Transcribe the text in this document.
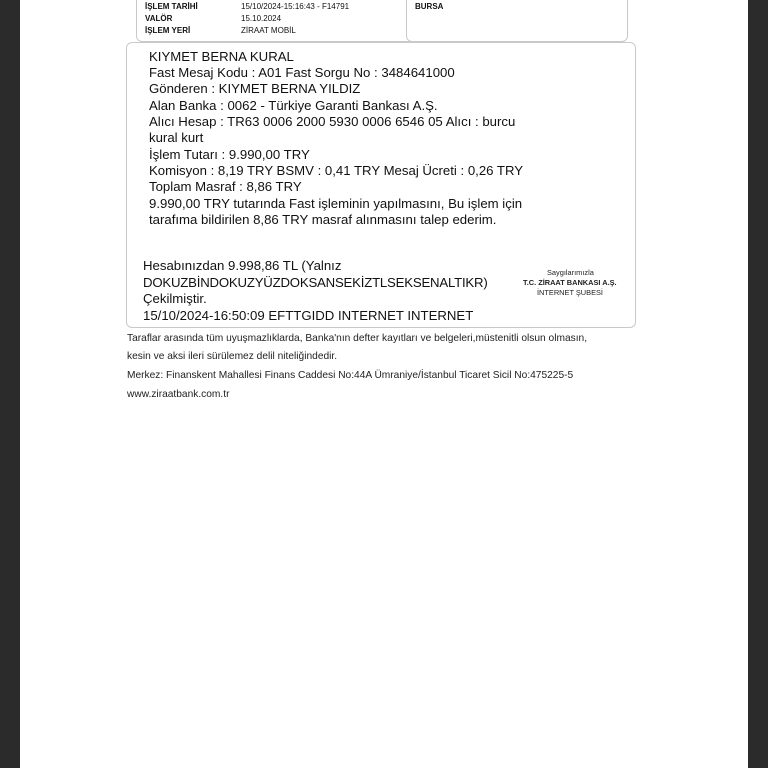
İŞLEM TARİHİ	15/10/2024-15:16:43 - F14791
VALÖR	15.10.2024
İŞLEM YERİ	ZİRAAT MOBİL
BURSA
KIYMET BERNA KURAL
Fast Mesaj Kodu : A01 Fast Sorgu No : 3484641000
Gönderen : KIYMET BERNA YILDIZ
Alan Banka : 0062 - Türkiye Garanti Bankası A.Ş.
Alıcı Hesap : TR63 0006 2000 5930 0006 6546 05 Alıcı : burcu
kural kurt
İşlem Tutarı : 9.990,00 TRY
Komisyon : 8,19 TRY BSMV : 0,41 TRY Mesaj Ücreti : 0,26 TRY
Toplam Masraf : 8,86 TRY
9.990,00 TRY tutarında Fast işleminin yapılmasını, Bu işlem için
tarafıma bildirilen 8,86 TRY masraf alınmasını talep ederim.
Hesabınızdan 9.998,86 TL (Yalnız
DOKUZBİNDOKUZYÜZDOKSANSEKİZTLSEKSENALTIKR)
Çekilmiştir.
15/10/2024-16:50:09 EFTTGIDD INTERNET INTERNET
Saygılarımızla
T.C. ZİRAAT BANKASI A.Ş.
İNTERNET ŞUBESİ
Taraflar arasında tüm uyuşmazlıklarda, Banka'nın defter kayıtları ve belgeleri,müstenitli olsun olmasın,
kesin ve aksi ileri sürülemez delil niteliğindedir.
Merkez: Finanskent Mahallesi Finans Caddesi No:44A Ümraniye/İstanbul Ticaret Sicil No:475225-5
www.ziraatbank.com.tr
